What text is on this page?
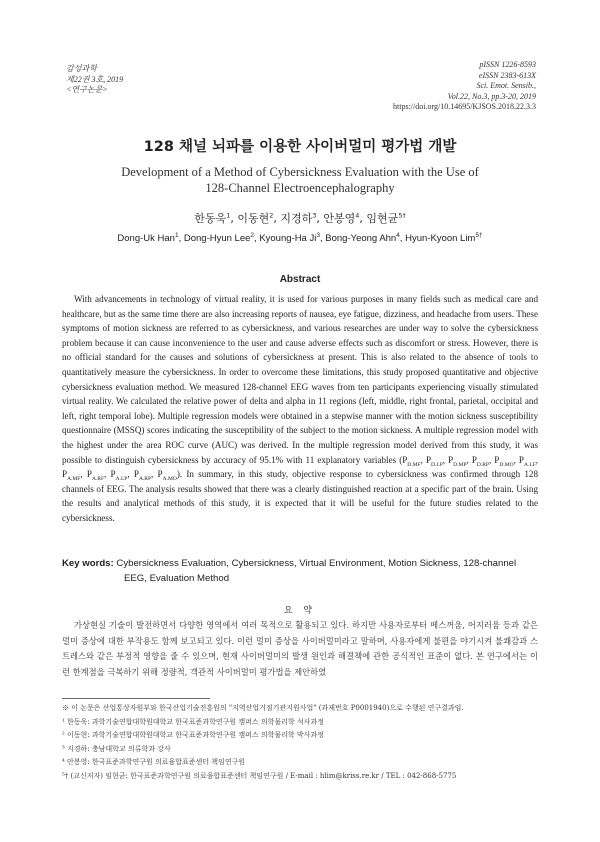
감성과학
제22권 3호, 2019
<연구논문>
pISSN 1226-8593
eISSN 2383-613X
Sci. Emot. Sensib.,
Vol.22, No.3, pp.3-20, 2019
https://doi.org/10.14695/KJSOS.2018.22.3.3
128 채널 뇌파를 이용한 사이버멀미 평가법 개발
Development of a Method of Cybersickness Evaluation with the Use of
128-Channel Electroencephalography
한동욱$^1$, 이동현$^2$, 지경하$^3$, 안봉영$^4$, 임현균$^{5\dagger}$
Dong-Uk Han$^1$, Dong-Hyun Lee$^2$, Kyoung-Ha Ji$^3$, Bong-Yeong Ahn$^4$, Hyun-Kyoon Lim$^{5\dagger}$
Abstract

With advancements in technology of virtual reality, it is used for various purposes in many fields such as medical care and healthcare, but as the same time there are also increasing reports of nausea, eye fatigue, dizziness, and headache from users. These symptoms of motion sickness are referred to as cybersickness, and various researches are under way to solve the cybersickness problem because it can cause inconvenience to the user and cause adverse effects such as discomfort or stress. However, there is no official standard for the causes and solutions of cybersickness at present. This is also related to the absence of tools to quantitatively measure the cybersickness. In order to overcome these limitations, this study proposed quantitative and objective cybersickness evaluation method. We measured 128-channel EEG waves from ten participants experiencing visually stimulated virtual reality. We calculated the relative power of delta and alpha in 11 regions (left, middle, right frontal, parietal, occipital and left, right temporal lobe). Multiple regression models were obtained in a stepwise manner with the motion sickness susceptibility questionnaire (MSSQ) scores indicating the susceptibility of the subject to the motion sickness. A multiple regression model with the highest under the area ROC curve (AUC) was derived. In the multiple regression model derived from this study, it was possible to distinguish cybersickness by accuracy of 95.1% with 11 explanatory variables ($P_{D.MF}$, $P_{D.LP}$, $P_{D.MP}$, $P_{D.RP}$, $P_{D.MO}$, $P_{A.LF}$, $P_{A.MF}$, $P_{A.RF}$, $P_{A.LP}$, $P_{A.RP}$, $P_{A.MO}$). In summary, in this study, objective response to cybersickness was confirmed through 128 channels of EEG. The analysis results showed that there was a clearly distinguished reaction at a specific part of the brain. Using the results and analytical methods of this study, it is expected that it will be useful for the future studies related to the cybersickness.

Key words: Cybersickness Evaluation, Cybersickness, Virtual Environment, Motion Sickness, 128-channel EEG, Evaluation Method
요 약

가상현실 기술이 발전하면서 다양한 영역에서 여러 목적으로 활용되고 있다. 하지만 사용자로부터 메스꺼움, 어지러움 등과 같은 멀미 증상에 대한 부작용도 함께 보고되고 있다. 이런 멀미 증상을 사이버멀미라고 말하며, 사용자에게 불편을 야기시켜 불쾌감과 스트레스와 같은 부정적 영향을 줄 수 있으며, 현재 사이버멀미의 발생 원인과 해결책에 관한 공식적인 표준이 없다. 본 연구에서는 이런 한계점을 극복하기 위해 정량적, 객관적 사이버멀미 평가법을 제안하였

※ 이 논문은 산업통상자원부와 한국산업기술진흥원의 "지역산업거점기관지원사업" (과제번호 P0001940)으로 수행된 연구결과임.
¹ 한동욱: 과학기술연합대학원대학교 한국표준과학연구원 캠퍼스 의학물리학 석사과정
² 이동현: 과학기술연합대학원대학교 한국표준과학연구원 캠퍼스 의학물리학 박사과정
³ 지경하: 충남대학교 의류학과 강사
⁴ 안봉영: 한국표준과학연구원 의료융합표준센터 책임연구원
⁵† (교신저자) 임현균: 한국표준과학연구원 의료융합표준센터 책임연구원 / E-mail : hlim@kriss.re.kr / TEL : 042-868-5775
